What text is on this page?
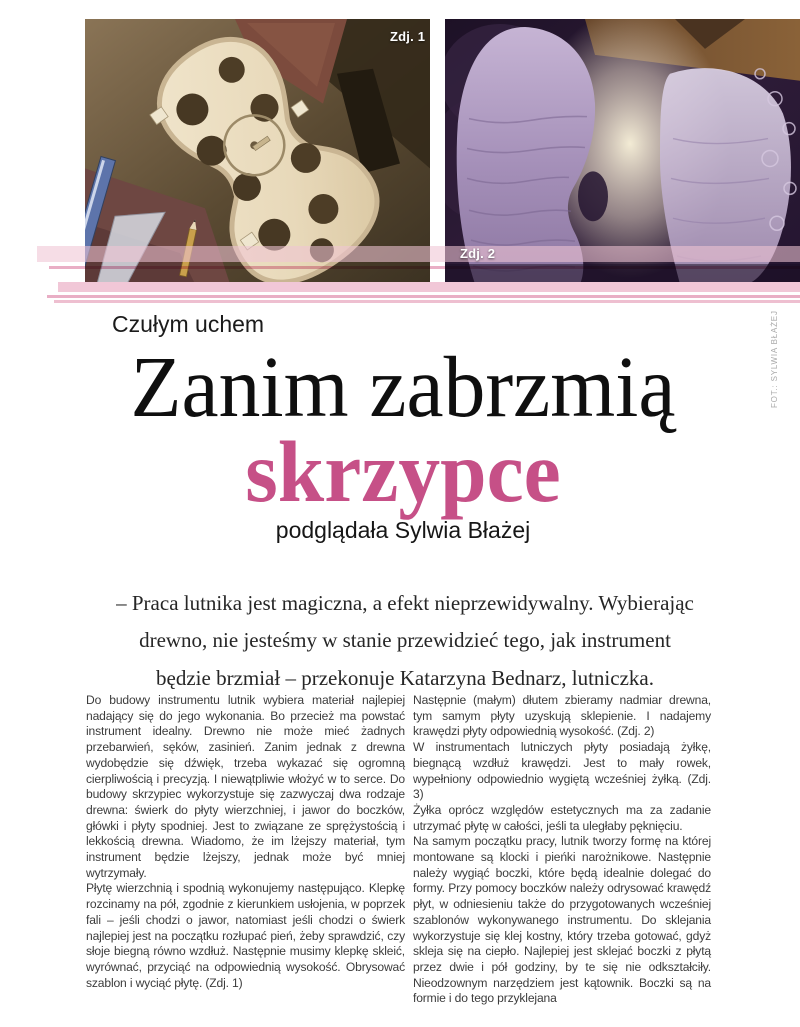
Zdj. 1
Zdj. 2
FOT.: SYLWIA BŁAŻEJ
Czułym uchem
Zanim zabrzmią
skrzypce
podglądała Sylwia Błażej
– Praca lutnika jest magiczna, a efekt nieprzewidywalny. Wybierając
drewno, nie jesteśmy w stanie przewidzieć tego, jak instrument
będzie brzmiał – przekonuje Katarzyna Bednarz, lutniczka.

Do budowy instrumentu lutnik wybiera materiał najlepiej nadający się do jego wykonania. Bo przecież ma powstać instrument idealny. Drewno nie może mieć żadnych przebarwień, sęków, zasinień. Zanim jednak z drewna wydobędzie się dźwięk, trzeba wykazać się ogromną cierpliwością i precyzją. I niewątpliwie włożyć w to serce. Do budowy skrzypiec wykorzystuje się zazwyczaj dwa rodzaje drewna: świerk do płyty wierzchniej, i jawor do boczków, główki i płyty spodniej. Jest to związane ze sprężystością i lekkością drewna. Wiadomo, że im lżejszy materiał, tym instrument będzie lżejszy, jednak może być mniej wytrzymały.

Płytę wierzchnią i spodnią wykonujemy następująco. Klepkę rozcinamy na pół, zgodnie z kierunkiem usłojenia, w poprzek fali – jeśli chodzi o jawor, natomiast jeśli chodzi o świerk najlepiej jest na początku rozłupać pień, żeby sprawdzić, czy słoje biegną równo wzdłuż. Następnie musimy klepkę skleić, wyrównać, przyciąć na odpowiednią wysokość. Obrysować szablon i wyciąć płytę. (Zdj. 1)

Następnie (małym) dłutem zbieramy nadmiar drewna, tym samym płyty uzyskują sklepienie. I nadajemy krawędzi płyty odpowiednią wysokość. (Zdj. 2)

W instrumentach lutniczych płyty posiadają żyłkę, biegnącą wzdłuż krawędzi. Jest to mały rowek, wypełniony odpowiednio wygiętą wcześniej żyłką. (Zdj. 3)

Żyłka oprócz względów estetycznych ma za zadanie utrzymać płytę w całości, jeśli ta uległaby pęknięciu.

Na samym początku pracy, lutnik tworzy formę na której montowane są klocki i pieńki narożnikowe. Następnie należy wygiąć boczki, które będą idealnie dolegać do formy. Przy pomocy boczków należy odrysować krawędź płyt, w odniesieniu także do przygotowanych wcześniej szablonów wykonywanego instrumentu. Do sklejania wykorzystuje się klej kostny, który trzeba gotować, gdyż skleja się na ciepło. Najlepiej jest sklejać boczki z płytą przez dwie i pół godziny, by te się nie odkształciły. Nieodzownym narzędziem jest kątownik. Boczki są na formie i do tego przyklejana
